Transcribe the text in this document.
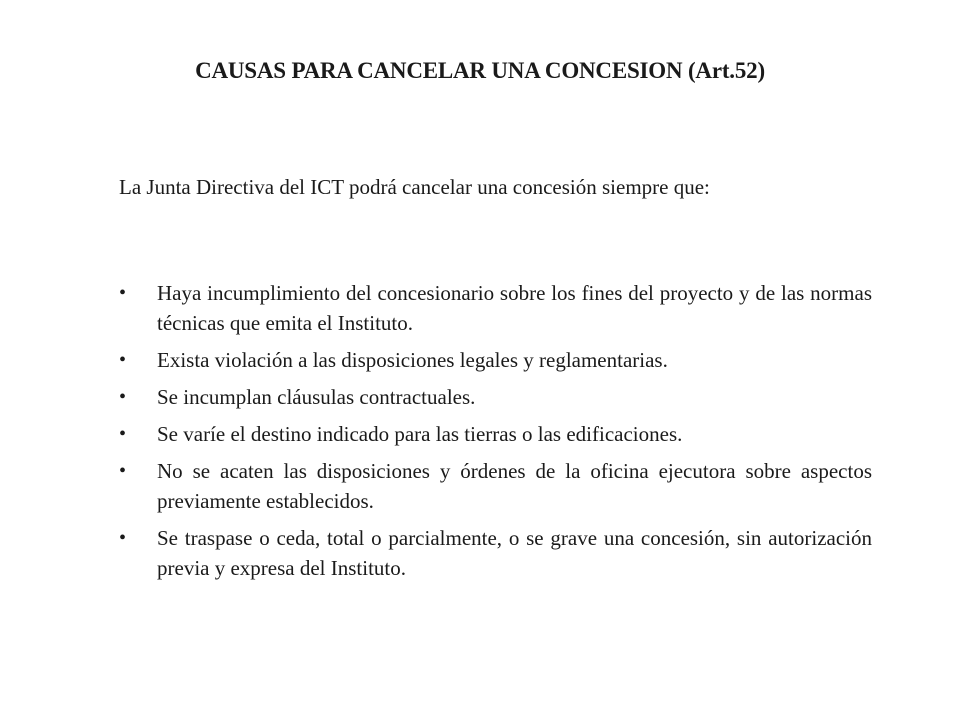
CAUSAS PARA CANCELAR UNA CONCESION (Art.52)

La Junta Directiva del ICT podrá cancelar una concesión siempre que:

• Haya incumplimiento del concesionario sobre los fines del proyecto y de las normas técnicas que emita el Instituto.
• Exista violación a las disposiciones legales y reglamentarias.
• Se incumplan cláusulas contractuales.
• Se varíe el destino indicado para las tierras o las edificaciones.
• No se acaten las disposiciones y órdenes de la oficina ejecutora sobre aspectos previamente establecidos.
• Se traspase o ceda, total o parcialmente, o se grave una concesión, sin autorización previa y expresa del Instituto.
